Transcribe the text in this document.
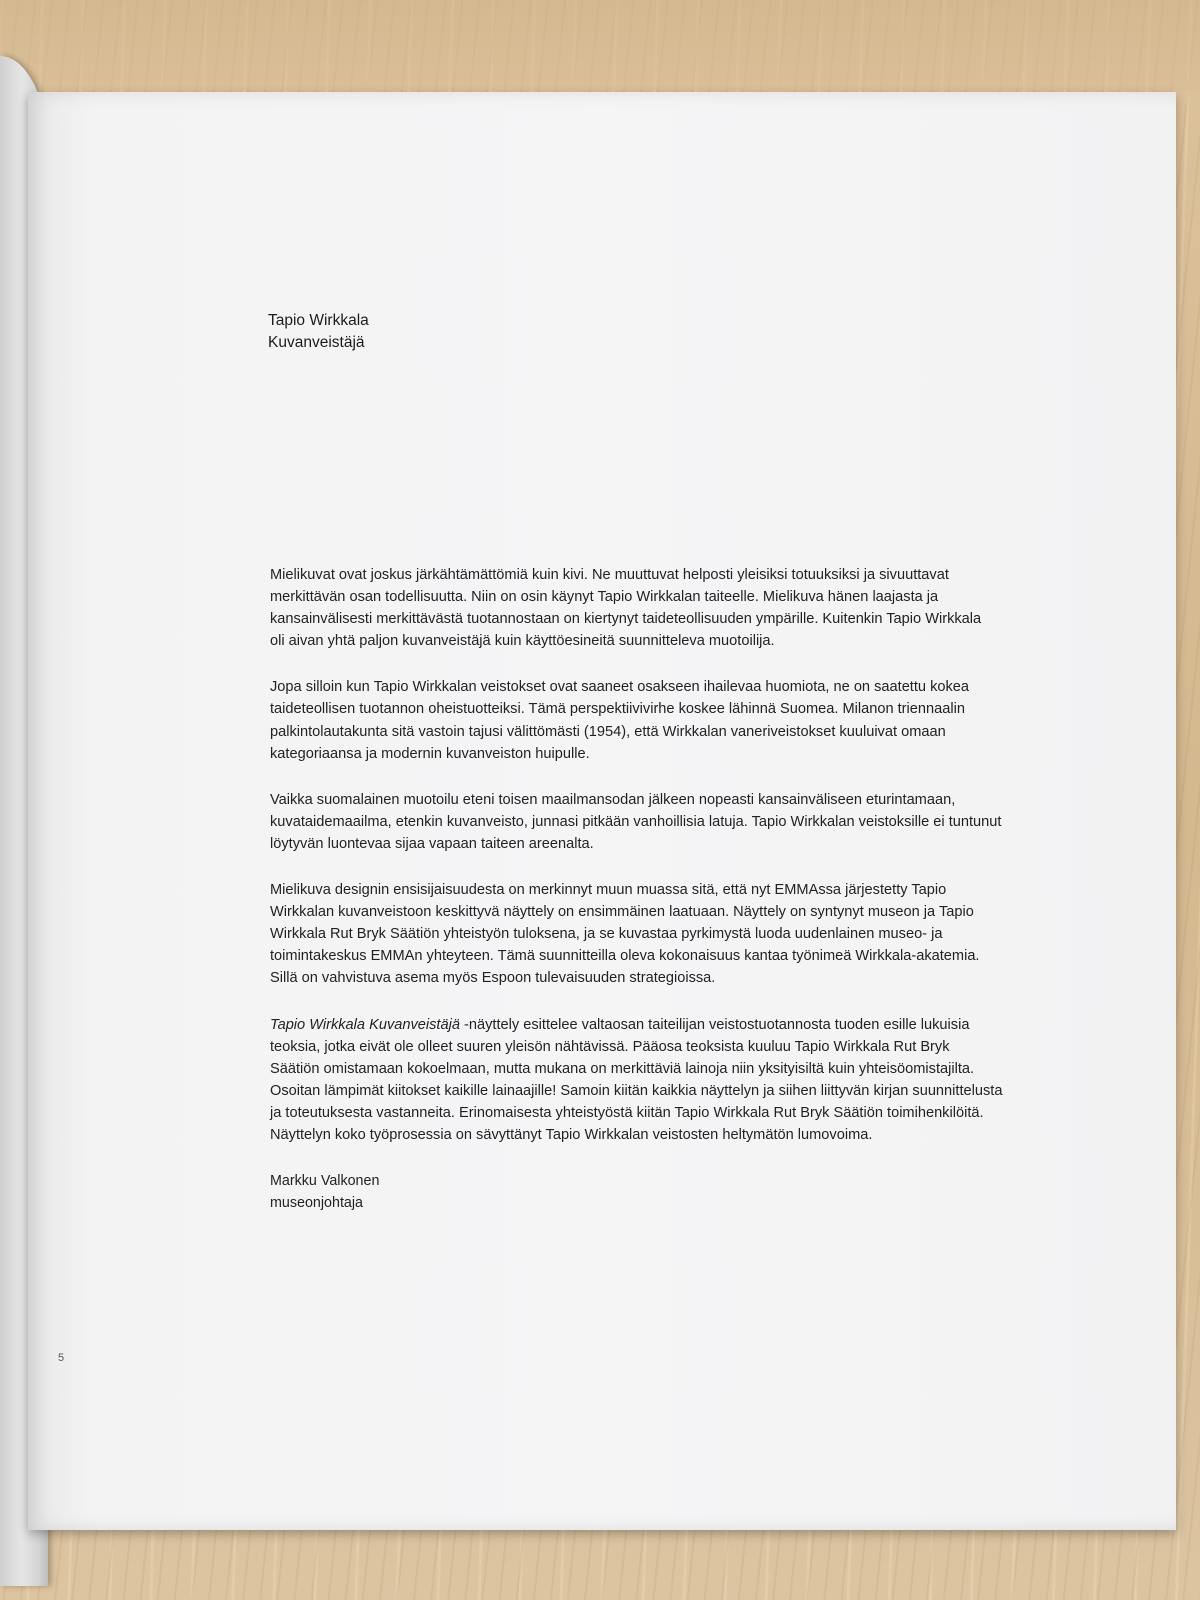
Tapio Wirkkala
Kuvanveistäjä

Mielikuvat ovat joskus järkähtämättömiä kuin kivi. Ne muuttuvat helposti yleisiksi totuuksiksi ja sivuuttavat
merkittävän osan todellisuutta. Niin on osin käynyt Tapio Wirkkalan taiteelle. Mielikuva hänen laajasta ja
kansainvälisesti merkittävästä tuotannostaan on kiertynyt taideteollisuuden ympärille. Kuitenkin Tapio Wirkkala
oli aivan yhtä paljon kuvanveistäjä kuin käyttöesineitä suunnitteleva muotoilija.

Jopa silloin kun Tapio Wirkkalan veistokset ovat saaneet osakseen ihailevaa huomiota, ne on saatettu kokea
taideteollisen tuotannon oheistuotteiksi. Tämä perspektiivivirhe koskee lähinnä Suomea. Milanon triennaalin
palkintolautakunta sitä vastoin tajusi välittömästi (1954), että Wirkkalan vaneriveistokset kuuluivat omaan
kategoriaansa ja modernin kuvanveiston huipulle.

Vaikka suomalainen muotoilu eteni toisen maailmansodan jälkeen nopeasti kansainväliseen eturintamaan,
kuvataidemaailma, etenkin kuvanveisto, junnasi pitkään vanhoillisia latuja. Tapio Wirkkalan veistoksille ei tuntunut
löytyvän luontevaa sijaa vapaan taiteen areenalta.

Mielikuva designin ensisijaisuudesta on merkinnyt muun muassa sitä, että nyt EMMAssa järjestetty Tapio
Wirkkalan kuvanveistoon keskittyvä näyttely on ensimmäinen laatuaan. Näyttely on syntynyt museon ja Tapio
Wirkkala Rut Bryk Säätiön yhteistyön tuloksena, ja se kuvastaa pyrkimystä luoda uudenlainen museo- ja
toimintakeskus EMMAn yhteyteen. Tämä suunnitteilla oleva kokonaisuus kantaa työnimeä Wirkkala-akatemia.
Sillä on vahvistuva asema myös Espoon tulevaisuuden strategioissa.

Tapio Wirkkala Kuvanveistäjä -näyttely esittelee valtaosan taiteilijan veistostuotannosta tuoden esille lukuisia
teoksia, jotka eivät ole olleet suuren yleisön nähtävissä. Pääosa teoksista kuuluu Tapio Wirkkala Rut Bryk
Säätiön omistamaan kokoelmaan, mutta mukana on merkittäviä lainoja niin yksityisiltä kuin yhteisöomistajilta.
Osoitan lämpimät kiitokset kaikille lainaajille! Samoin kiitän kaikkia näyttelyn ja siihen liittyvän kirjan suunnittelusta
ja toteutuksesta vastanneita. Erinomaisesta yhteistyöstä kiitän Tapio Wirkkala Rut Bryk Säätiön toimihenkilöitä.
Näyttelyn koko työprosessia on sävyttänyt Tapio Wirkkalan veistosten heltymätön lumovoima.

Markku Valkonen
museonjohtaja
5
